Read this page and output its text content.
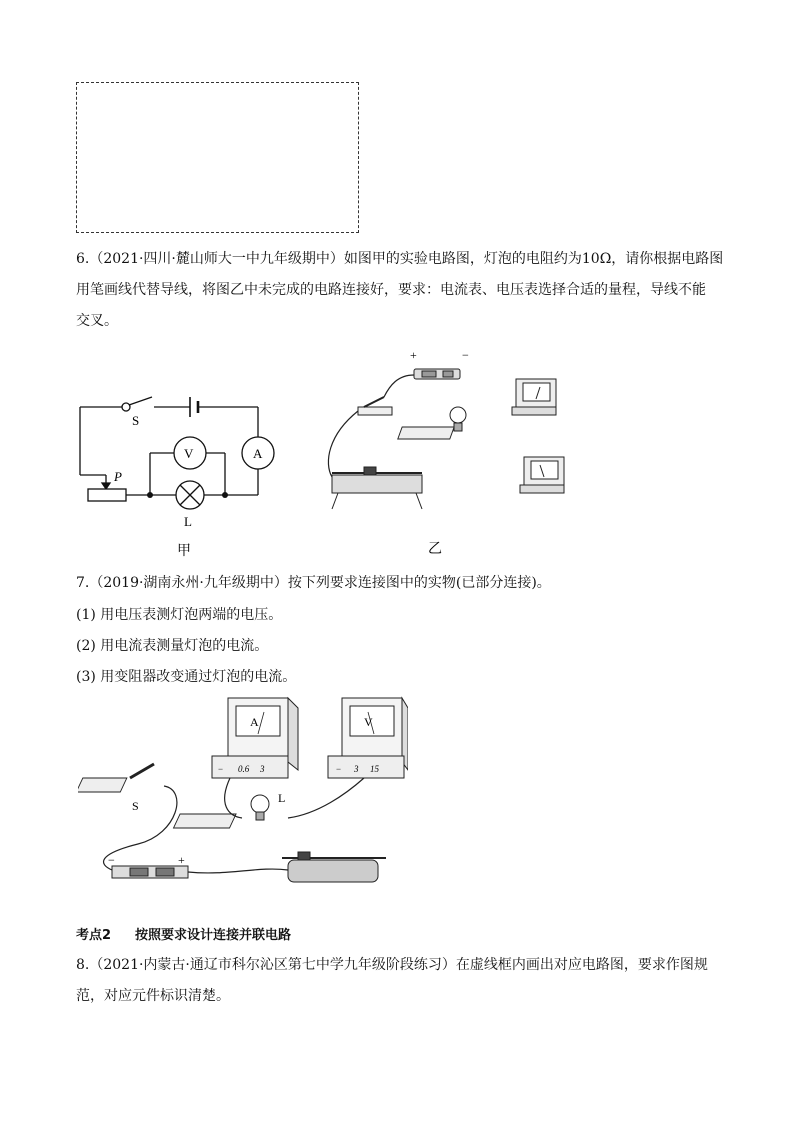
6.（2021·四川·麓山师大一中九年级期中）如图甲的实验电路图，灯泡的电阻约为10Ω，请你根据电路图
用笔画线代替导线，将图乙中未完成的电路连接好，要求：电流表、电压表选择合适的量程，导线不能
交叉。
S
V	A
P
L
甲
+	−
乙
7.（2019·湖南永州·九年级期中）按下列要求连接图中的实物(已部分连接)。
(1) 用电压表测灯泡两端的电压。
(2) 用电流表测量灯泡的电流。
(3) 用变阻器改变通过灯泡的电流。
A	V
− 0.6 3	− 3 15
S
L
−	+
考点2 按照要求设计连接并联电路
8.（2021·内蒙古·通辽市科尔沁区第七中学九年级阶段练习）在虚线框内画出对应电路图，要求作图规
范，对应元件标识清楚。
